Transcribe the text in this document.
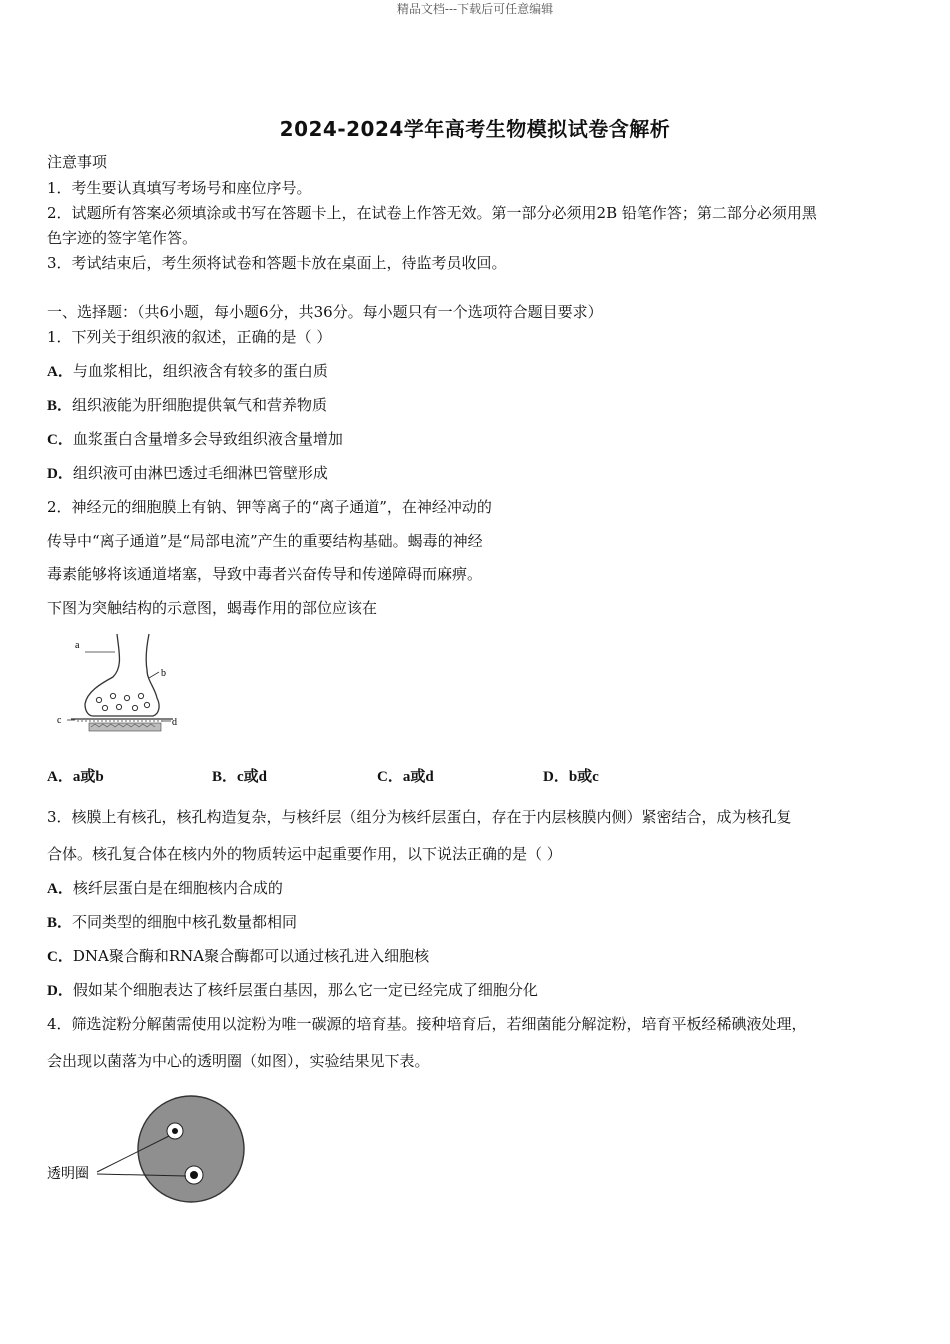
精品文档---下载后可任意编辑
2024-2024学年高考生物模拟试卷含解析
注意事项
1．考生要认真填写考场号和座位序号。
2．试题所有答案必须填涂或书写在答题卡上，在试卷上作答无效。第一部分必须用2B 铅笔作答；第二部分必须用黑
色字迹的签字笔作答。
3．考试结束后，考生须将试卷和答题卡放在桌面上，待监考员收回。
一、选择题：（共6小题，每小题6分，共36分。每小题只有一个选项符合题目要求）
1．下列关于组织液的叙述，正确的是（ ）
A．与血浆相比，组织液含有较多的蛋白质
B．组织液能为肝细胞提供氧气和营养物质
C．血浆蛋白含量增多会导致组织液含量增加
D．组织液可由淋巴透过毛细淋巴管壁形成
2．神经元的细胞膜上有钠、钾等离子的“离子通道”，在神经冲动的
传导中“离子通道”是“局部电流”产生的重要结构基础。蝎毒的神经
毒素能够将该通道堵塞，导致中毒者兴奋传导和传递障碍而麻痹。
下图为突触结构的示意图，蝎毒作用的部位应该在
a
b
c	d
A．a或b	B．c或d	C．a或d	D．b或c
3．核膜上有核孔，核孔构造复杂，与核纤层（组分为核纤层蛋白，存在于内层核膜内侧）紧密结合，成为核孔复
合体。核孔复合体在核内外的物质转运中起重要作用，以下说法正确的是（ ）
A．核纤层蛋白是在细胞核内合成的
B．不同类型的细胞中核孔数量都相同
C．DNA聚合酶和RNA聚合酶都可以通过核孔进入细胞核
D．假如某个细胞表达了核纤层蛋白基因，那么它一定已经完成了细胞分化
4．筛选淀粉分解菌需使用以淀粉为唯一碳源的培育基。接种培育后，若细菌能分解淀粉，培育平板经稀碘液处理，
会出现以菌落为中心的透明圈（如图），实验结果见下表。
透明圈
